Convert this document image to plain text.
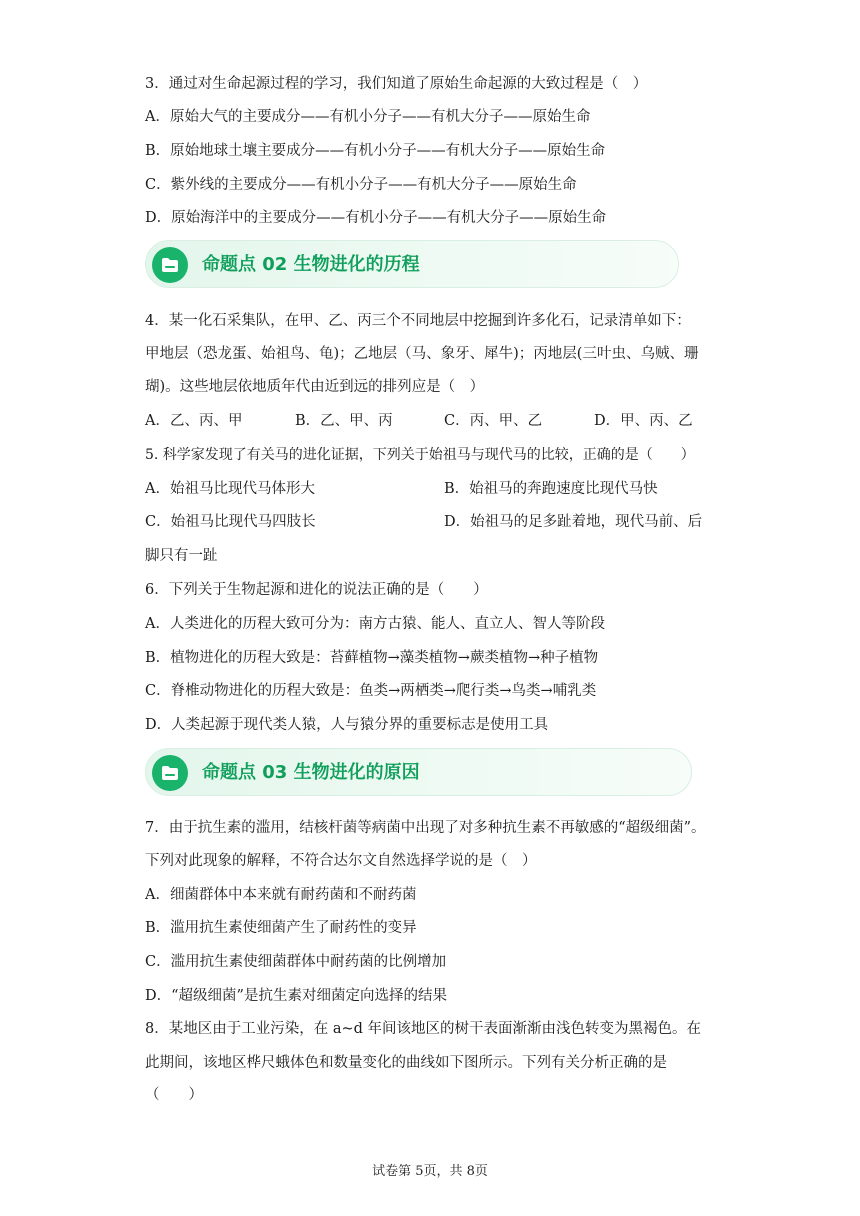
3．通过对生命起源过程的学习，我们知道了原始生命起源的大致过程是（　）
A．原始大气的主要成分——有机小分子——有机大分子——原始生命
B．原始地球土壤主要成分——有机小分子——有机大分子——原始生命
C．紫外线的主要成分——有机小分子——有机大分子——原始生命
D．原始海洋中的主要成分——有机小分子——有机大分子——原始生命
命题点 02 生物进化的历程
4．某一化石采集队，在甲、乙、丙三个不同地层中挖掘到许多化石，记录清单如下：
甲地层（恐龙蛋、始祖鸟、龟)；乙地层（马、象牙、犀牛)；丙地层(三叶虫、乌贼、珊
瑚)。这些地层依地质年代由近到远的排列应是（　）
A．乙、丙、甲	B．乙、甲、丙	C．丙、甲、乙	D．甲、丙、乙
5. 科学家发现了有关马的进化证据，下列关于始祖马与现代马的比较，正确的是（　　）
A．始祖马比现代马体形大	B．始祖马的奔跑速度比现代马快
C．始祖马比现代马四肢长	D．始祖马的足多趾着地，现代马前、后
脚只有一趾
6．下列关于生物起源和进化的说法正确的是（　　）
A．人类进化的历程大致可分为：南方古猿、能人、直立人、智人等阶段
B．植物进化的历程大致是：苔藓植物→藻类植物→蕨类植物→种子植物
C．脊椎动物进化的历程大致是：鱼类→两栖类→爬行类→鸟类→哺乳类
D．人类起源于现代类人猿，人与猿分界的重要标志是使用工具
命题点 03 生物进化的原因
7．由于抗生素的滥用，结核杆菌等病菌中出现了对多种抗生素不再敏感的“超级细菌”。
下列对此现象的解释，不符合达尔文自然选择学说的是（　）
A．细菌群体中本来就有耐药菌和不耐药菌
B．滥用抗生素使细菌产生了耐药性的变异
C．滥用抗生素使细菌群体中耐药菌的比例增加
D．“超级细菌”是抗生素对细菌定向选择的结果
8．某地区由于工业污染，在 a~d 年间该地区的树干表面渐渐由浅色转变为黑褐色。在
此期间，该地区桦尺蛾体色和数量变化的曲线如下图所示。下列有关分析正确的是
（　　）
试卷第 5页，共 8页
